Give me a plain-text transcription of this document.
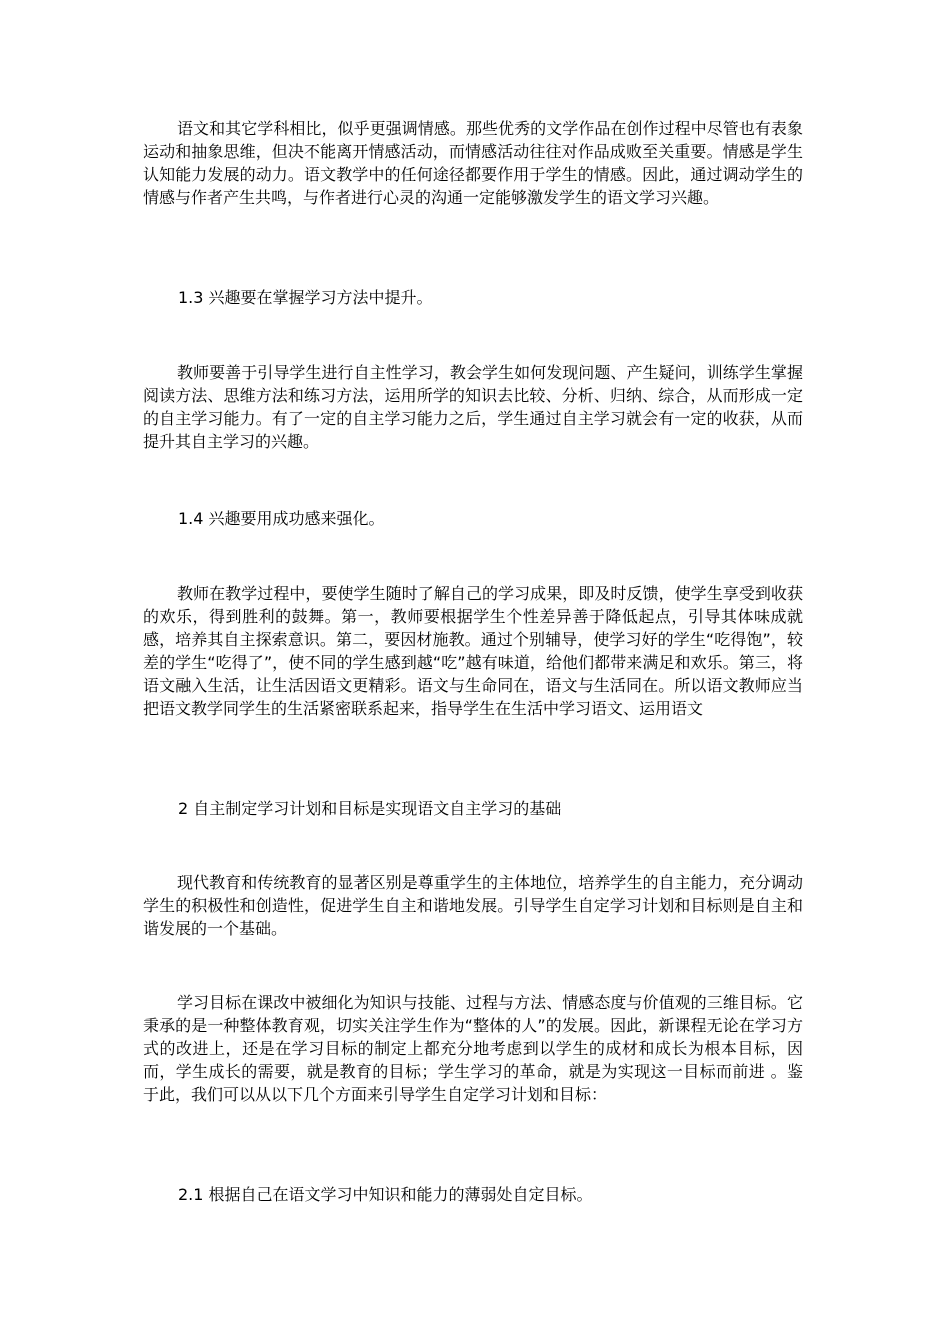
语文和其它学科相比，似乎更强调情感。那些优秀的文学作品在创作过程中尽管也有表象运动和抽象思维，但决不能离开情感活动，而情感活动往往对作品成败至关重要。情感是学生认知能力发展的动力。语文教学中的任何途径都要作用于学生的情感。因此，通过调动学生的情感与作者产生共鸣，与作者进行心灵的沟通一定能够激发学生的语文学习兴趣。

1.3 兴趣要在掌握学习方法中提升。

教师要善于引导学生进行自主性学习，教会学生如何发现问题、产生疑问，训练学生掌握阅读方法、思维方法和练习方法，运用所学的知识去比较、分析、归纳、综合，从而形成一定的自主学习能力。有了一定的自主学习能力之后，学生通过自主学习就会有一定的收获，从而提升其自主学习的兴趣。

1.4 兴趣要用成功感来强化。

教师在教学过程中，要使学生随时了解自己的学习成果，即及时反馈，使学生享受到收获的欢乐，得到胜利的鼓舞。第一，教师要根据学生个性差异善于降低起点，引导其体味成就感，培养其自主探索意识。第二，要因材施教。通过个别辅导，使学习好的学生“吃得饱”，较差的学生“吃得了”，使不同的学生感到越“吃”越有味道，给他们都带来满足和欢乐。第三，将语文融入生活，让生活因语文更精彩。语文与生命同在，语文与生活同在。所以语文教师应当把语文教学同学生的生活紧密联系起来，指导学生在生活中学习语文、运用语文

2 自主制定学习计划和目标是实现语文自主学习的基础

现代教育和传统教育的显著区别是尊重学生的主体地位，培养学生的自主能力，充分调动学生的积极性和创造性，促进学生自主和谐地发展。引导学生自定学习计划和目标则是自主和谐发展的一个基础。

学习目标在课改中被细化为知识与技能、过程与方法、情感态度与价值观的三维目标。它秉承的是一种整体教育观，切实关注学生作为“整体的人”的发展。因此，新课程无论在学习方式的改进上，还是在学习目标的制定上都充分地考虑到以学生的成材和成长为根本目标，因而，学生成长的需要，就是教育的目标；学生学习的革命，就是为实现这一目标而前进 。鉴于此，我们可以从以下几个方面来引导学生自定学习计划和目标：

2.1 根据自己在语文学习中知识和能力的薄弱处自定目标。
